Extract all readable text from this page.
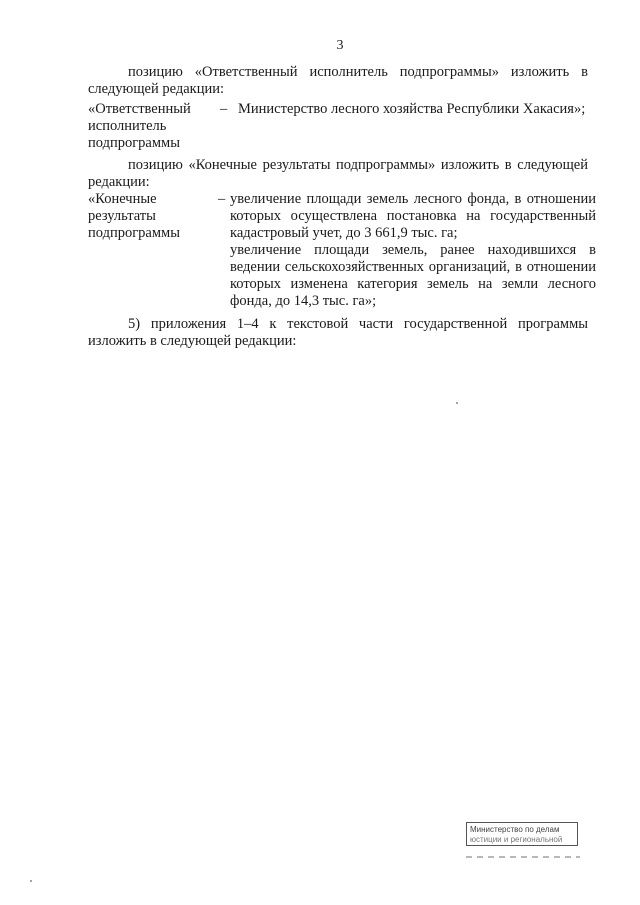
3
позицию «Ответственный исполнитель подпрограммы» изложить в следующей редакции:
«Ответственный исполнитель подпрограммы
– Министерство лесного хозяйства Республики Хакасия»;
позицию «Конечные результаты подпрограммы» изложить в следующей редакции:
«Конечные результаты подпрограммы
– увеличение площади земель лесного фонда, в отношении которых осуществлена постановка на государственный кадастровый учет, до 3 661,9 тыс. га;

увеличение площади земель, ранее находившихся в ведении сельскохозяйственных организаций, в отношении которых изменена категория земель на земли лесного фонда, до 14,3 тыс. га»;

5) приложения 1–4 к текстовой части государственной программы изложить в следующей редакции:
Министерство по делам
юстиции и региональной
